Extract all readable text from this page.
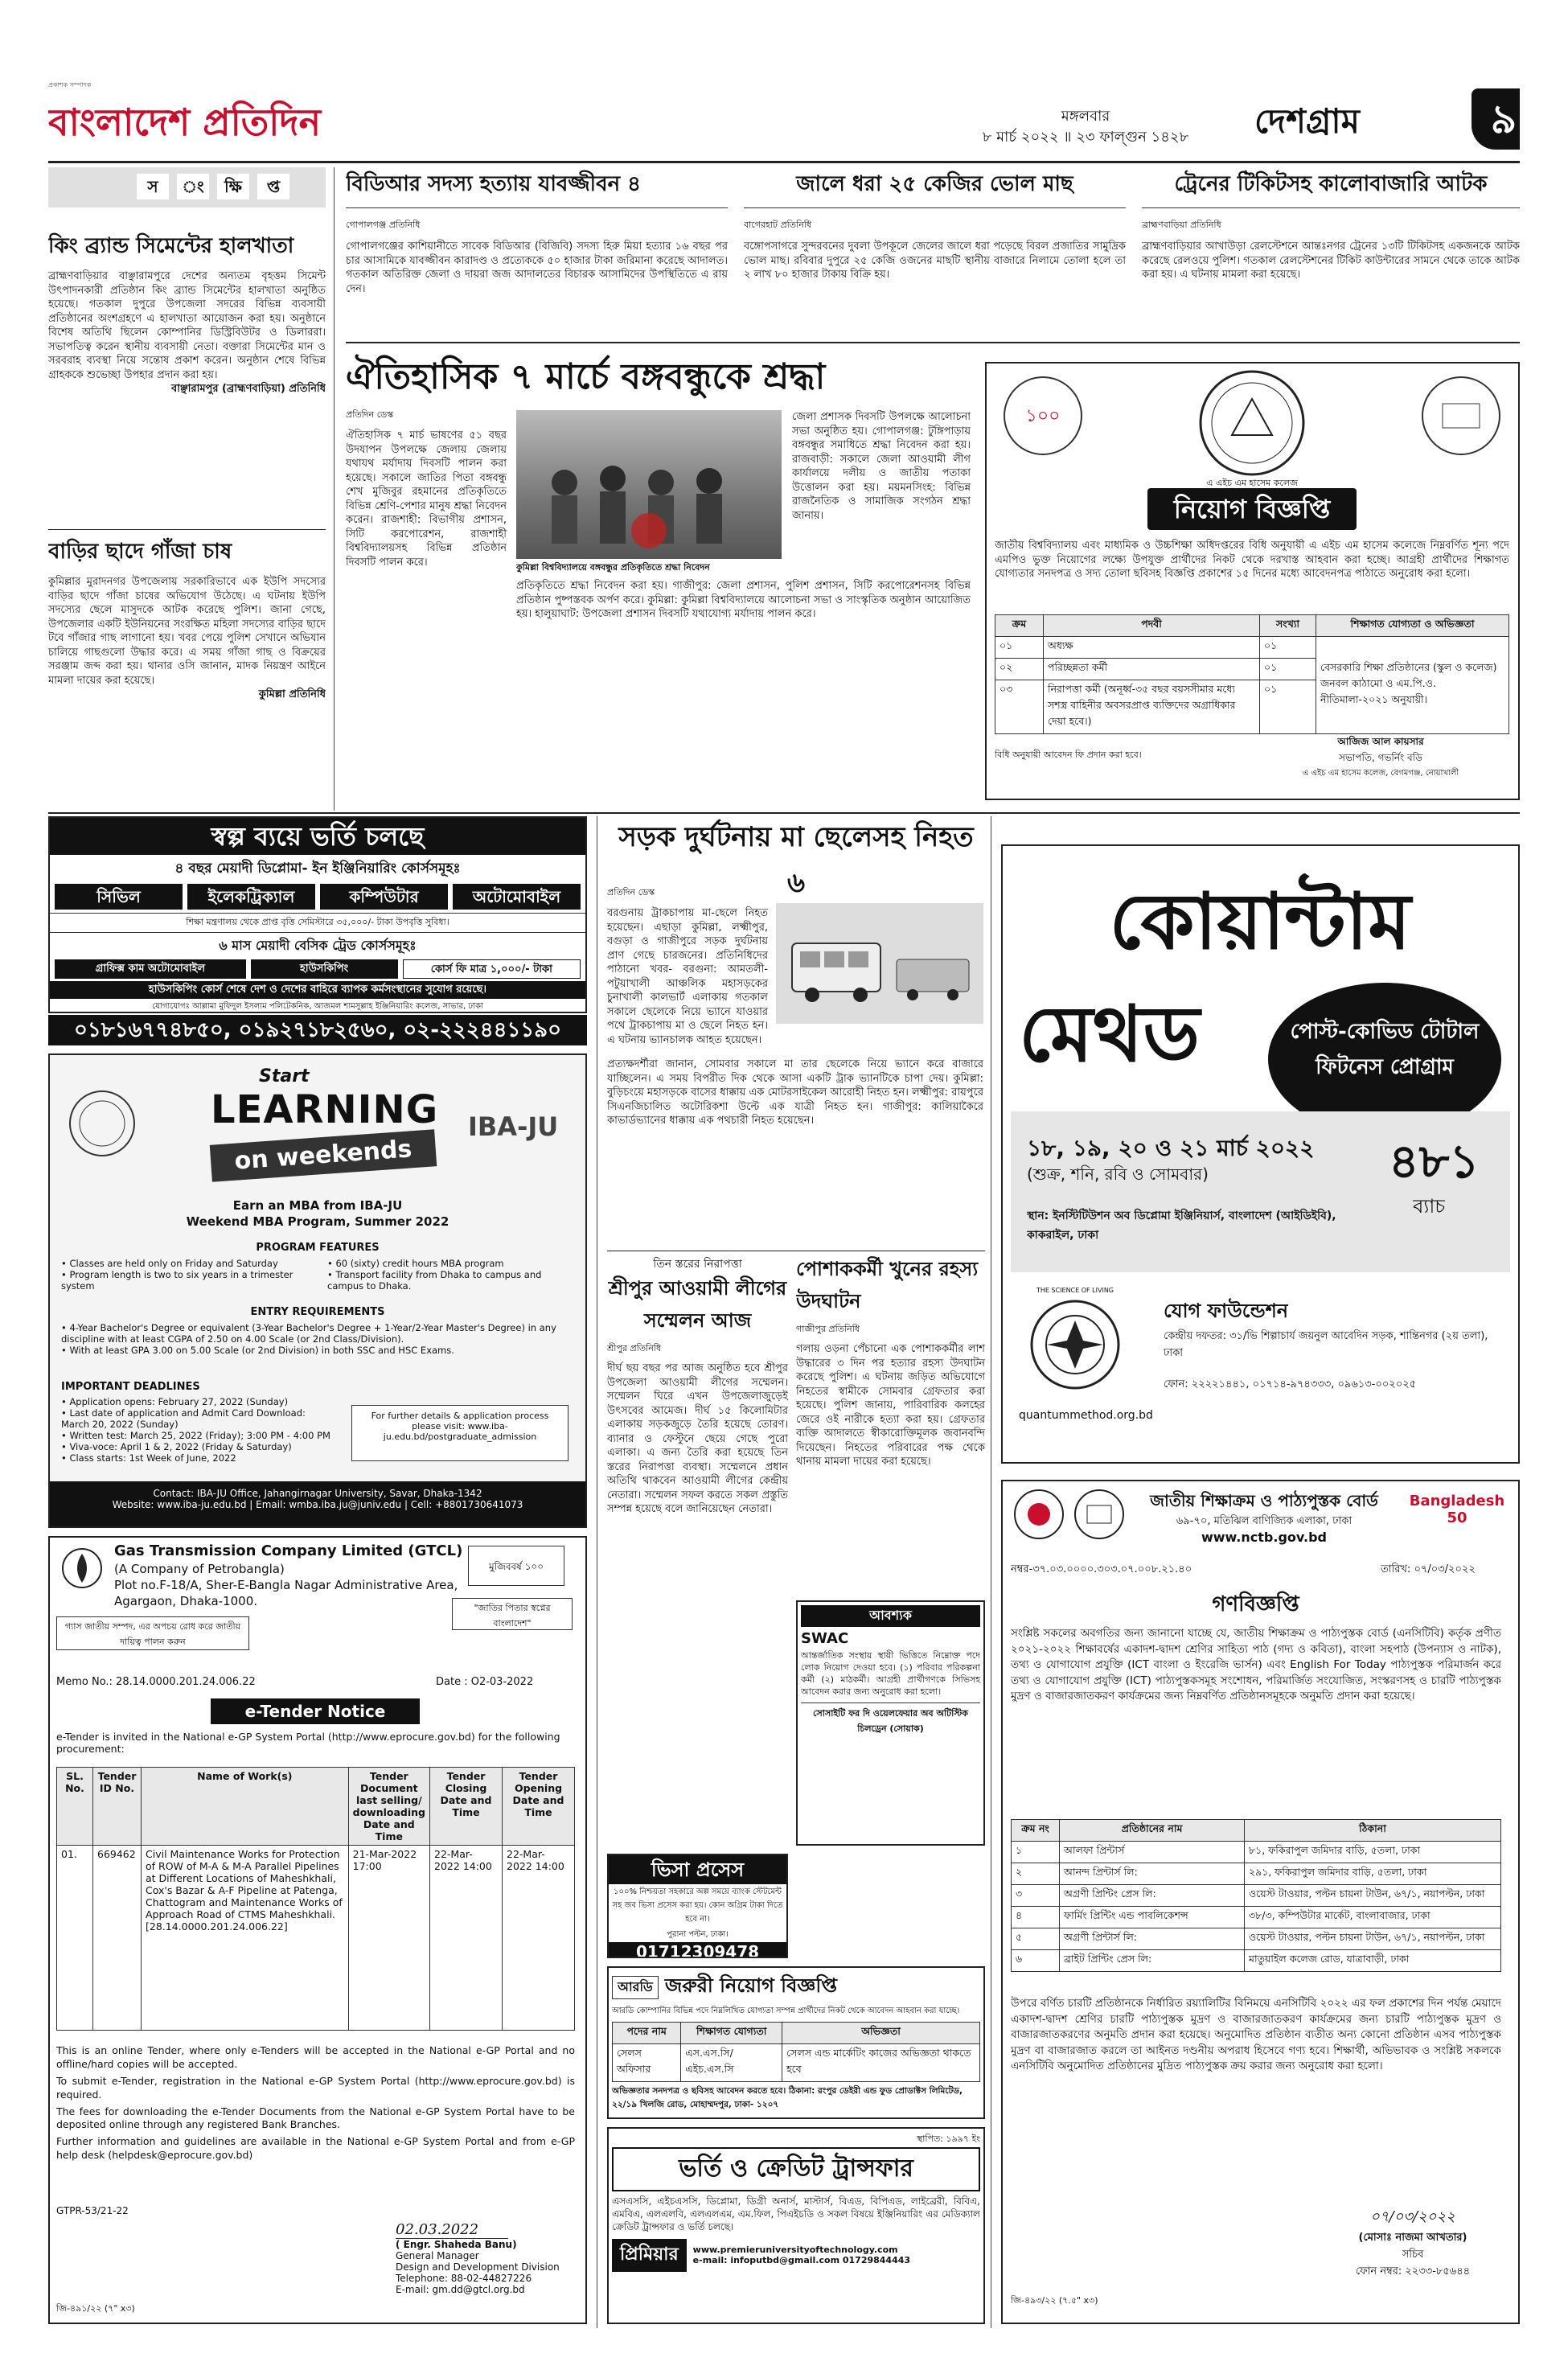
প্রকাশক সম্পাদক
বাংলাদেশ প্রতিদিন	মঙ্গলবার
৮ মার্চ ২০২২ ॥ ২৩ ফাল্গুন ১৪২৮	দেশগ্রাম	৯
স	ং	ক্ষি	প্ত
কিং ব্র্যান্ড সিমেন্টের হালখাতা
ব্রাহ্মণবাড়িয়ার বাঞ্ছারামপুরে দেশের অন্যতম বৃহত্তম সিমেন্ট উৎপাদনকারী প্রতিষ্ঠান কিং ব্র্যান্ড সিমেন্টের হালখাতা অনুষ্ঠিত হয়েছে। গতকাল দুপুরে উপজেলা সদরের বিভিন্ন ব্যবসায়ী প্রতিষ্ঠানের অংশগ্রহণে এ হালখাতা আয়োজন করা হয়। অনুষ্ঠানে বিশেষ অতিথি ছিলেন কোম্পানির ডিস্ট্রিবিউটর ও ডিলাররা। সভাপতিত্ব করেন স্থানীয় ব্যবসায়ী নেতা। বক্তারা সিমেন্টের মান ও সরবরাহ ব্যবস্থা নিয়ে সন্তোষ প্রকাশ করেন। অনুষ্ঠান শেষে বিভিন্ন গ্রাহককে শুভেচ্ছা উপহার প্রদান করা হয়।
বাঞ্ছারামপুর (ব্রাহ্মণবাড়িয়া) প্রতিনিধি
বাড়ির ছাদে গাঁজা চাষ
কুমিল্লার মুরাদনগর উপজেলায় সরকারিভাবে এক ইউপি সদস্যের বাড়ির ছাদে গাঁজা চাষের অভিযোগ উঠেছে। এ ঘটনায় ইউপি সদস্যের ছেলে মাসুদকে আটক করেছে পুলিশ। জানা গেছে, উপজেলার একটি ইউনিয়নের সংরক্ষিত মহিলা সদস্যের বাড়ির ছাদে টবে গাঁজার গাছ লাগানো হয়। খবর পেয়ে পুলিশ সেখানে অভিযান চালিয়ে গাছগুলো উদ্ধার করে। এ সময় গাঁজা গাছ ও বিক্রয়ের সরঞ্জাম জব্দ করা হয়। থানার ওসি জানান, মাদক নিয়ন্ত্রণ আইনে মামলা দায়ের করা হয়েছে।
কুমিল্লা প্রতিনিধি
বিডিআর সদস্য হত্যায় যাবজ্জীবন ৪
গোপালগঞ্জ প্রতিনিধি
গোপালগঞ্জের কাশিয়ানীতে সাবেক বিডিআর (বিজিবি) সদস্য হিরু মিয়া হত্যার ১৬ বছর পর চার আসামিকে যাবজ্জীবন কারাদণ্ড ও প্রত্যেককে ৫০ হাজার টাকা জরিমানা করেছে আদালত। গতকাল অতিরিক্ত জেলা ও দায়রা জজ আদালতের বিচারক আসামিদের উপস্থিতিতে এ রায় দেন।
জালে ধরা ২৫ কেজির ভোল মাছ
বাগেরহাট প্রতিনিধি
বঙ্গোপসাগরে সুন্দরবনের দুবলা উপকূলে জেলের জালে ধরা পড়েছে বিরল প্রজাতির সামুদ্রিক ভোল মাছ। রবিবার দুপুরে ২৫ কেজি ওজনের মাছটি স্থানীয় বাজারে নিলামে তোলা হলে তা ২ লাখ ৮০ হাজার টাকায় বিক্রি হয়।
ট্রেনের টিকিটসহ কালোবাজারি আটক
ব্রাহ্মণবাড়িয়া প্রতিনিধি
ব্রাহ্মণবাড়িয়ার আখাউড়া রেলস্টেশনে আন্তঃনগর ট্রেনের ১৩টি টিকিটসহ একজনকে আটক করেছে রেলওয়ে পুলিশ। গতকাল রেলস্টেশনের টিকিট কাউন্টারের সামনে থেকে তাকে আটক করা হয়। এ ঘটনায় মামলা করা হয়েছে।
ঐতিহাসিক ৭ মার্চে বঙ্গবন্ধুকে শ্রদ্ধা
প্রতিদিন ডেস্ক
ঐতিহাসিক ৭ মার্চ ভাষণের ৫১ বছর উদযাপন উপলক্ষে জেলায় জেলায় যথাযথ মর্যাদায় দিবসটি পালন করা হয়েছে। সকালে জাতির পিতা বঙ্গবন্ধু শেখ মুজিবুর রহমানের প্রতিকৃতিতে বিভিন্ন শ্রেণি-পেশার মানুষ শ্রদ্ধা নিবেদন করেন। রাজশাহী: বিভাগীয় প্রশাসন, সিটি করপোরেশন, রাজশাহী বিশ্ববিদ্যালয়সহ বিভিন্ন প্রতিষ্ঠান দিবসটি পালন করে।	কুমিল্লা বিশ্ববিদ্যালয়ে বঙ্গবন্ধুর প্রতিকৃতিতে শ্রদ্ধা নিবেদন
জেলা প্রশাসক দিবসটি উপলক্ষে আলোচনা সভা অনুষ্ঠিত হয়। গোপালগঞ্জ: টুঙ্গিপাড়ায় বঙ্গবন্ধুর সমাধিতে শ্রদ্ধা নিবেদন করা হয়। রাজবাড়ী: সকালে জেলা আওয়ামী লীগ কার্যালয়ে দলীয় ও জাতীয় পতাকা উত্তোলন করা হয়। ময়মনসিংহ: বিভিন্ন রাজনৈতিক ও সামাজিক সংগঠন শ্রদ্ধা জানায়।
প্রতিকৃতিতে শ্রদ্ধা নিবেদন করা হয়। গাজীপুর: জেলা প্রশাসন, পুলিশ প্রশাসন, সিটি করপোরেশনসহ বিভিন্ন প্রতিষ্ঠান পুষ্পস্তবক অর্পণ করে। কুমিল্লা: কুমিল্লা বিশ্ববিদ্যালয়ে আলোচনা সভা ও সাংস্কৃতিক অনুষ্ঠান আয়োজিত হয়। হালুয়াঘাট: উপজেলা প্রশাসন দিবসটি যথাযোগ্য মর্যাদায় পালন করে।
১০০
এ এইচ এম হাসেম কলেজ
নিয়োগ বিজ্ঞপ্তি
জাতীয় বিশ্ববিদ্যালয় এবং মাধ্যমিক ও উচ্চশিক্ষা অধিদপ্তরের বিধি অনুযায়ী এ এইচ এম হাসেম কলেজে নিম্নবর্ণিত শূন্য পদে এমপিও ভুক্ত নিয়োগের লক্ষ্যে উপযুক্ত প্রার্থীদের নিকট থেকে দরখাস্ত আহবান করা হচ্ছে। আগ্রহী প্রার্থীদের শিক্ষাগত যোগ্যতার সনদপত্র ও সদ্য তোলা ছবিসহ বিজ্ঞপ্তি প্রকাশের ১৫ দিনের মধ্যে আবেদনপত্র পাঠাতে অনুরোধ করা হলো।
ক্রম	পদবী	সংখ্যা	শিক্ষাগত যোগ্যতা ও অভিজ্ঞতা
০১	অধ্যক্ষ	০১	বেসরকারি শিক্ষা প্রতিষ্ঠানের (স্কুল ও কলেজ) জনবল কাঠামো ও এম.পি.ও. নীতিমালা-২০২১ অনুযায়ী।
০২	পরিচ্ছন্নতা কর্মী	০১	
০৩	নিরাপত্তা কর্মী (অনূর্ধ্ব-৩৫ বছর বয়সসীমার মধ্যে সশস্ত্র বাহিনীর অবসরপ্রাপ্ত ব্যক্তিদের অগ্রাধিকার দেয়া হবে।)	০১	
বিধি অনুযায়ী আবেদন ফি প্রদান করা হবে।
আজিজ আল কায়সার
সভাপতি, গভর্নিং বডি
এ এইচ এম হাসেম কলেজ, বেগমগঞ্জ, নোয়াখালী
স্বল্প ব্যয়ে ভর্তি চলছে
৪ বছর মেয়াদী ডিপ্লোমা- ইন ইঞ্জিনিয়ারিং কোর্সসমূহঃ
সিভিল	ইলেকট্রিক্যাল	কম্পিউটার	অটোমোবাইল
শিক্ষা মন্ত্রণালয় থেকে প্রাপ্ত বৃত্তি সেমিস্টারে ৩৫,০০০/- টাকা উপবৃত্তি সুবিধা।
৬ মাস মেয়াদী বেসিক ট্রেড কোর্সসমূহঃ
গ্রাফিক্স কাম অটোমোবাইল	হাউসকিপিং	কোর্স ফি মাত্র ১,০০০/- টাকা
হাউসকিপিং কোর্স শেষে দেশ ও দেশের বাহিরে ব্যাপক কর্মসংস্থানের সুযোগ রয়েছে।
যোগাযোগঃ আল্লামা মুফিদুল ইসলাম পলিটেকনিক, আজমল শামসুল্লাহ ইঞ্জিনিয়ারিং কলেজ, সাভার, ঢাকা
০১৮১৬৭৭৪৮৫০, ০১৯২৭১৮২৫৬০, ০২-২২২৪৪১১৯০
Start
LEARNING
on weekends
IBA-JU
Earn an MBA from IBA-JU
Weekend MBA Program, Summer 2022
PROGRAM FEATURES
• Classes are held only on Friday and Saturday
• Program length is two to six years in a trimester system
• 60 (sixty) credit hours MBA program
• Transport facility from Dhaka to campus and campus to Dhaka.
ENTRY REQUIREMENTS
• 4-Year Bachelor's Degree or equivalent (3-Year Bachelor's Degree + 1-Year/2-Year Master's Degree) in any discipline with at least CGPA of 2.50 on 4.00 Scale (or 2nd Class/Division).
• With at least GPA 3.00 on 5.00 Scale (or 2nd Division) in both SSC and HSC Exams.
IMPORTANT DEADLINES
• Application opens: February 27, 2022 (Sunday)
• Last date of application and Admit Card Download: March 20, 2022 (Sunday)
• Written test: March 25, 2022 (Friday); 3:00 PM - 4:00 PM
• Viva-voce: April 1 & 2, 2022 (Friday & Saturday)
• Class starts: 1st Week of June, 2022
For further details & application process please visit: www.iba-ju.edu.bd/postgraduate_admission
Contact: IBA-JU Office, Jahangirnagar University, Savar, Dhaka-1342
Website: www.iba-ju.edu.bd | Email: wmba.iba.ju@juniv.edu | Cell: +8801730641073
Gas Transmission Company Limited (GTCL)
(A Company of Petrobangla)
Plot no.F-18/A, Sher-E-Bangla Nagar Administrative Area,
Agargaon, Dhaka-1000.
মুজিববর্ষ ১০০
গ্যাস জাতীয় সম্পদ, এর অপচয় রোধ করে জাতীয় দায়িত্ব পালন করুন
"জাতির পিতার স্বপ্নের বাংলাদেশ"
Memo No.: 28.14.0000.201.24.006.22	Date : O2-03-2022
e-Tender Notice
e-Tender is invited in the National e-GP System Portal (http://www.eprocure.gov.bd) for the following procurement:
SL. No.	Tender ID No.	Name of Work(s)	Tender Document last selling/ downloading Date and Time	Tender Closing Date and Time	Tender Opening Date and Time
01.	669462	Civil Maintenance Works for Protection of ROW of M-A & M-A Parallel Pipelines at Different Locations of Maheshkhali, Cox's Bazar & A-F Pipeline at Patenga, Chattogram and Maintenance Works of Approach Road of CTMS Maheshkhali. [28.14.0000.201.24.006.22]	21-Mar-2022 17:00	22-Mar-2022 14:00	22-Mar-2022 14:00

This is an online Tender, where only e-Tenders will be accepted in the National e-GP Portal and no offline/hard copies will be accepted.

To submit e-Tender, registration in the National e-GP System Portal (http://www.eprocure.gov.bd) is required.

The fees for downloading the e-Tender Documents from the National e-GP System Portal have to be deposited online through any registered Bank Branches.

Further information and guidelines are available in the National e-GP System Portal and from e-GP help desk (helpdesk@eprocure.gov.bd)

GTPR-53/21-22
02.03.2022
( Engr. Shaheda Banu)
General Manager
Design and Development Division
Telephone: 88-02-44827226
E-mail: gm.dd@gtcl.org.bd
জি-৪৯১/২২ (৭" x৩)
সড়ক দুর্ঘটনায় মা ছেলেসহ নিহত ৬
প্রতিদিন ডেস্ক
বরগুনায় ট্রাকচাপায় মা-ছেলে নিহত হয়েছেন। এছাড়া কুমিল্লা, লক্ষ্মীপুর, বগুড়া ও গাজীপুরে সড়ক দুর্ঘটনায় প্রাণ গেছে চারজনের। প্রতিনিধিদের পাঠানো খবর- বরগুনা: আমতলী-পটুয়াখালী আঞ্চলিক মহাসড়কের চুনাখালী কালভার্ট এলাকায় গতকাল সকালে ছেলেকে নিয়ে ভ্যানে যাওয়ার পথে ট্রাকচাপায় মা ও ছেলে নিহত হন। এ ঘটনায় ভ্যানচালক আহত হয়েছেন।
প্রত্যক্ষদর্শীরা জানান, সোমবার সকালে মা তার ছেলেকে নিয়ে ভ্যানে করে বাজারে যাচ্ছিলেন। এ সময় বিপরীত দিক থেকে আসা একটি ট্রাক ভ্যানটিকে চাপা দেয়। কুমিল্লা: বুড়িচংয়ে মহাসড়কে বাসের ধাক্কায় এক মোটরসাইকেল আরোহী নিহত হন। লক্ষ্মীপুর: রায়পুরে সিএনজিচালিত অটোরিকশা উল্টে এক যাত্রী নিহত হন। গাজীপুর: কালিয়াকৈরে কাভার্ডভ্যানের ধাক্কায় এক পথচারী নিহত হয়েছেন।
তিন স্তরের নিরাপত্তা
শ্রীপুর আওয়ামী লীগের সম্মেলন আজ
শ্রীপুর প্রতিনিধি
দীর্ঘ ছয় বছর পর আজ অনুষ্ঠিত হবে শ্রীপুর উপজেলা আওয়ামী লীগের সম্মেলন। সম্মেলন ঘিরে এখন উপজেলাজুড়েই উৎসবের আমেজ। দীর্ঘ ১৫ কিলোমিটার এলাকায় সড়কজুড়ে তৈরি হয়েছে তোরণ। ব্যানার ও ফেস্টুনে ছেয়ে গেছে পুরো এলাকা। এ জন্য তৈরি করা হয়েছে তিন স্তরের নিরাপত্তা ব্যবস্থা। সম্মেলনে প্রধান অতিথি থাকবেন আওয়ামী লীগের কেন্দ্রীয় নেতারা। সম্মেলন সফল করতে সকল প্রস্তুতি সম্পন্ন হয়েছে বলে জানিয়েছেন নেতারা।
পোশাককর্মী খুনের রহস্য উদঘাটন
গাজীপুর প্রতিনিধি
গলায় ওড়না পেঁচানো এক পোশাককর্মীর লাশ উদ্ধারের ৩ দিন পর হত্যার রহস্য উদঘাটন করেছে পুলিশ। এ ঘটনায় জড়িত অভিযোগে নিহতের স্বামীকে সোমবার গ্রেফতার করা হয়েছে। পুলিশ জানায়, পারিবারিক কলহের জেরে ওই নারীকে হত্যা করা হয়। গ্রেফতার ব্যক্তি আদালতে স্বীকারোক্তিমূলক জবানবন্দি দিয়েছেন। নিহতের পরিবারের পক্ষ থেকে থানায় মামলা দায়ের করা হয়েছে।
আবশ্যক
SWAC
আন্তর্জাতিক সংস্থায় স্থায়ী ভিত্তিতে নিম্নোক্ত পদে লোক নিয়োগ দেওয়া হবে। (১) পরিবার পরিকল্পনা কর্মী (২) মাঠকর্মী। আগ্রহী প্রার্থীগণকে সিভিসহ আবেদন করার জন্য অনুরোধ করা হলো।
সোসাইটি ফর দি ওয়েলফেয়ার অব অটিস্টিক চিলড্রেন (সোয়াক)
ভিসা প্রসেস
১০০% নিশ্চয়তা সহকারে অল্প সময়ে ব্যাংক স্টেটমেন্ট সহ জব ভিসা প্রসেস করা হয়। কোন অগ্রিম টাকা দিতে হবে না।
পুরানা পল্টন, ঢাকা।
01712309478
আরডি জরুরী নিয়োগ বিজ্ঞপ্তি
আরডি কোম্পানির বিভিন্ন পদে নিম্নলিখিত যোগ্যতা সম্পন্ন প্রার্থীদের নিকট থেকে আবেদন আহবান করা যাচ্ছে।
পদের নাম	শিক্ষাগত যোগ্যতা	অভিজ্ঞতা
সেলস অফিসার	এস.এস.সি/এইচ.এস.সি	সেলস এন্ড মার্কেটিং কাজের অভিজ্ঞতা থাকতে হবে
অভিজ্ঞতার সনদপত্র ও ছবিসহ আবেদন করতে হবে। ঠিকানা: রংপুর ডেইরী এন্ড ফুড প্রোডাক্টস লিমিটেড, ২২/১৯ খিলজি রোড, মোহাম্মদপুর, ঢাকা- ১২০৭
স্থাপিত: ১৯৯৭ ইং
ভর্তি ও ক্রেডিট ট্রান্সফার
এসএসসি, এইচএসসি, ডিপ্লোমা, ডিগ্রী অনার্স, মাস্টার্স, বিএড, বিপিএড, লাইব্রেরী, বিবিএ, এমবিএ, এলএলবি, এলএলএম, এম.ফিল, পিএইচডি ও সকল বিষয়ে ইঞ্জিনিয়ারিং এর মেডিক্যাল ক্রেডিট ট্রান্সফার ও ভর্তি চলছে।
প্রিমিয়ার	www.premieruniversityoftechnology.com
e-mail: infoputbd@gmail.com 01729844443
কোয়ান্টাম
মেথড	পোস্ট-কোভিড টোটাল ফিটনেস প্রোগ্রাম
১৮, ১৯, ২০ ও ২১ মার্চ ২০২২
(শুক্র, শনি, রবি ও সোমবার)	৪৮১
ব্যাচ
স্থান: ইনস্টিটিউশন অব ডিপ্লোমা ইঞ্জিনিয়ার্স, বাংলাদেশ (আইডিইবি), কাকরাইল, ঢাকা
THE SCIENCE OF LIVING
যোগ ফাউন্ডেশন
কেন্দ্রীয় দফতর: ৩১/ভি শিল্পাচার্য জয়নুল আবেদিন সড়ক, শান্তিনগর (২য় তলা), ঢাকা
ফোন: ২২২২১৪৪১, ০১৭১৪-৯৭৪৩৩৩, ০৯৬১৩-০০২০২৫
quantummethod.org.bd
জাতীয় শিক্ষাক্রম ও পাঠ্যপুস্তক বোর্ড
৬৯-৭০, মতিঝিল বাণিজ্যিক এলাকা, ঢাকা
www.nctb.gov.bd
Bangladesh 50
নম্বর-৩৭.০৩.০০০০.৩০৩.০৭.০০৮.২১.৪০	তারিখ: ০৭/০৩/২০২২
গণবিজ্ঞপ্তি
সংশ্লিষ্ট সকলের অবগতির জন্য জানানো যাচ্ছে যে, জাতীয় শিক্ষাক্রম ও পাঠ্যপুস্তক বোর্ড (এনসিটিবি) কর্তৃক প্রণীত ২০২১-২০২২ শিক্ষাবর্ষের একাদশ-দ্বাদশ শ্রেণির সাহিত্য পাঠ (গদ্য ও কবিতা), বাংলা সহপাঠ (উপন্যাস ও নাটক), তথ্য ও যোগাযোগ প্রযুক্তি (ICT বাংলা ও ইংরেজি ভার্সন) এবং English For Today পাঠ্যপুস্তক পরিমার্জন করে তথ্য ও যোগাযোগ প্রযুক্তি (ICT) পাঠ্যপুস্তকসমূহ সংশোধন, পরিমার্জিত সংযোজিত, সংস্করণসহ ও চারটি পাঠ্যপুস্তক মুদ্রণ ও বাজারজাতকরণ কার্যক্রমের জন্য নিম্নবর্ণিত প্রতিষ্ঠানসমূহকে অনুমতি প্রদান করা হয়েছে।
ক্রম নং	প্রতিষ্ঠানের নাম	ঠিকানা
১	আলফা প্রিন্টার্স	৮১, ফকিরাপুল জমিদার বাড়ি, ৫তলা, ঢাকা
২	আনন্দ প্রিন্টার্স লি:	২৯১, ফকিরাপুল জমিদার বাড়ি, ৫তলা, ঢাকা
৩	অগ্রণী প্রিন্টিং প্রেস লি:	ওয়েস্ট টাওয়ার, পল্টন চায়না টাউন, ৬৭/১, নয়াপল্টন, ঢাকা
৪	ফার্মিং প্রিন্টিং এন্ড পাবলিকেশন্স	৩৮/৩, কম্পিউটার মার্কেট, বাংলাবাজার, ঢাকা
৫	অগ্রণী প্রিন্টার্স লি:	ওয়েস্ট টাওয়ার, পল্টন চায়না টাউন, ৬৭/১, নয়াপল্টন, ঢাকা
৬	ব্রাইট প্রিন্টিং প্রেস লি:	মাতুয়াইল কলেজ রোড, যাত্রাবাড়ী, ঢাকা
উপরে বর্ণিত চারটি প্রতিষ্ঠানকে নির্ধারিত রয়্যালিটির বিনিময়ে এনসিটিবি ২০২২ এর ফল প্রকাশের দিন পর্যন্ত মেয়াদে একাদশ-দ্বাদশ শ্রেণির চারটি পাঠ্যপুস্তক মুদ্রণ ও বাজারজাতকরণ কার্যক্রমের জন্য চারটি পাঠ্যপুস্তক মুদ্রণ ও বাজারজাতকরণের অনুমতি প্রদান করা হয়েছে। অনুমোদিত প্রতিষ্ঠান ব্যতীত অন্য কোনো প্রতিষ্ঠান এসব পাঠ্যপুস্তক মুদ্রণ বা বাজারজাত করলে তা আইনত দণ্ডনীয় অপরাধ হিসেবে গণ্য হবে। শিক্ষার্থী, অভিভাবক ও সংশ্লিষ্ট সকলকে এনসিটিবি অনুমোদিত প্রতিষ্ঠানের মুদ্রিত পাঠ্যপুস্তক ক্রয় করার জন্য অনুরোধ করা হলো।
০৭/০৩/২০২২
(মোসাঃ নাজমা আখতার)
সচিব
ফোন নম্বর: ২২৩৩-৮৫৬৪৪
জি-৪৯৩/২২ (৭.৫" x৩)
